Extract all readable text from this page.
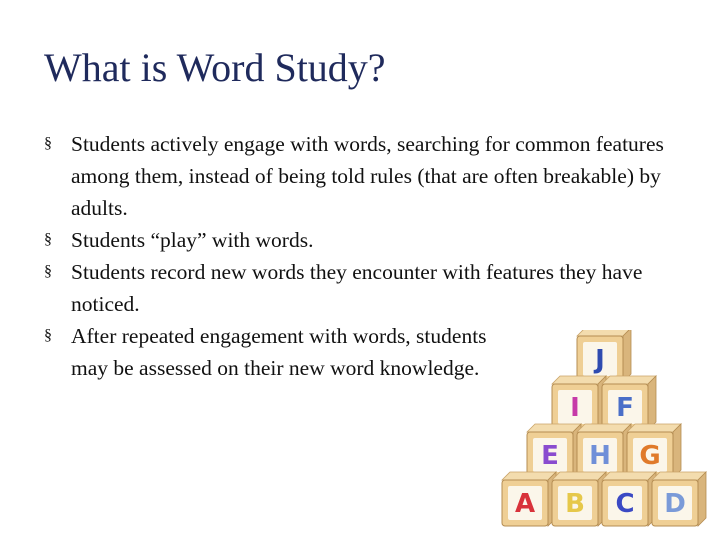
What is Word Study?
§ Students actively engage with words, searching for common features among them, instead of being told rules (that are often breakable) by adults.
§ Students “play” with words.
§ Students record new words they encounter with features they have noticed.
§ After repeated engagement with words, students may be assessed on their new word knowledge.	J
I F
E H G
A B C D
